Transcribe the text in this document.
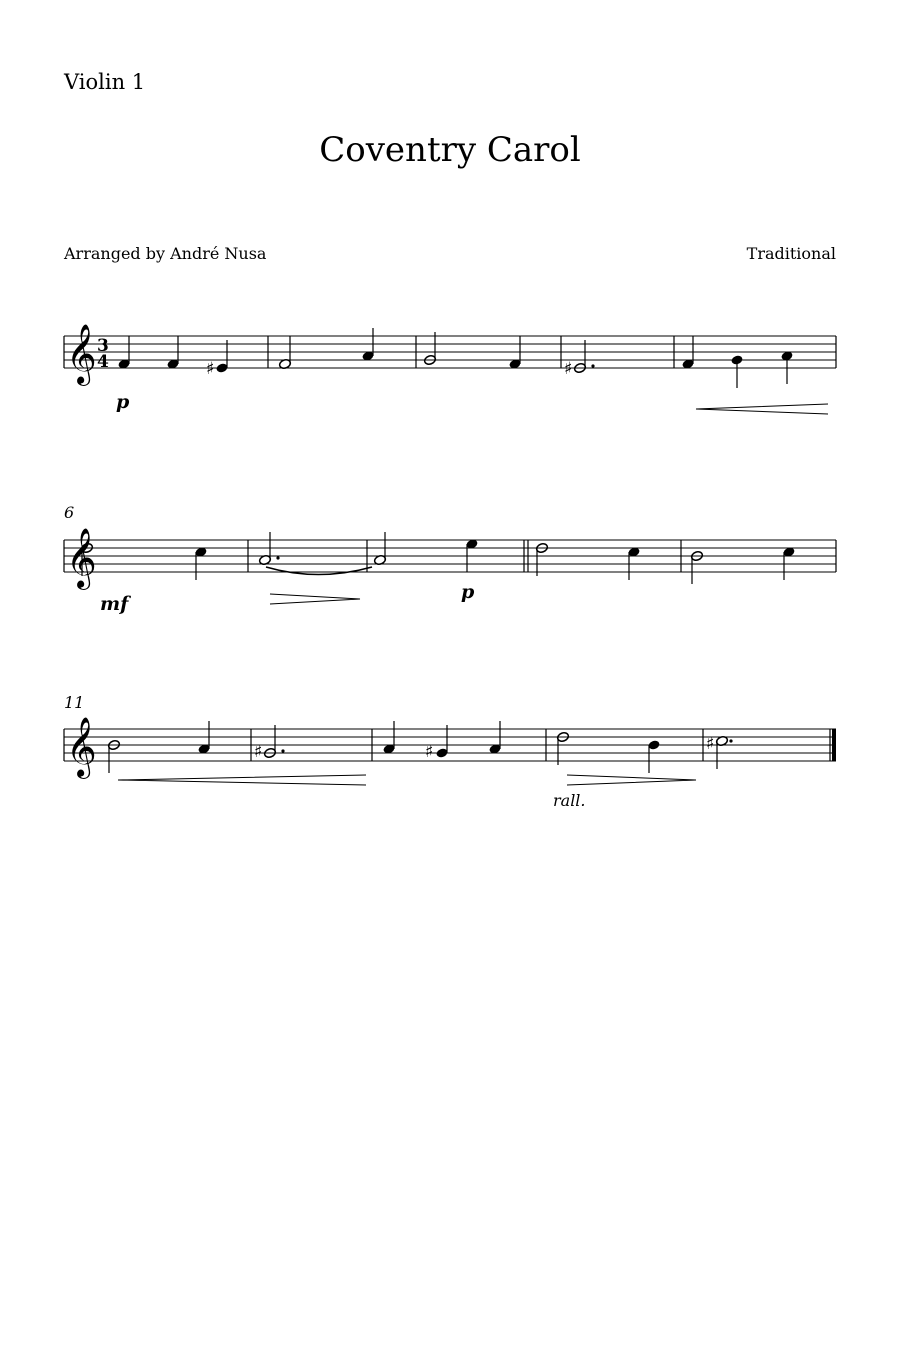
Violin 1
Coventry Carol
Arranged by André Nusa	Traditional
𝄞 3
4	♯	♯
p
6
𝄞
mf
p
11
𝄞	♯	♯	♯
rall.
